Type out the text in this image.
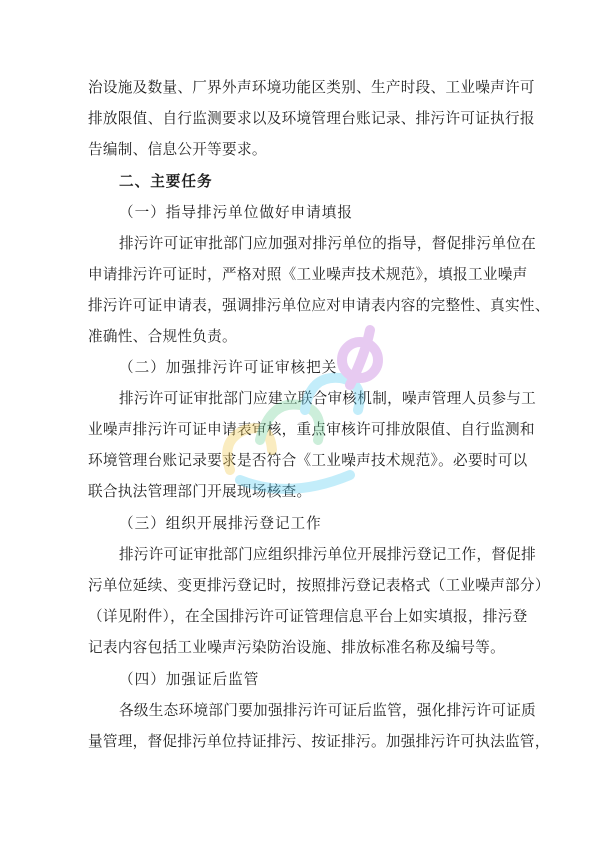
治设施及数量、厂界外声环境功能区类别、生产时段、工业噪声许可
排放限值、自行监测要求以及环境管理台账记录、排污许可证执行报
告编制、信息公开等要求。
二、主要任务
（一）指导排污单位做好申请填报
排污许可证审批部门应加强对排污单位的指导，督促排污单位在
申请排污许可证时，严格对照《工业噪声技术规范》，填报工业噪声
排污许可证申请表，强调排污单位应对申请表内容的完整性、真实性、
准确性、合规性负责。
（二）加强排污许可证审核把关
排污许可证审批部门应建立联合审核机制，噪声管理人员参与工
业噪声排污许可证申请表审核，重点审核许可排放限值、自行监测和
环境管理台账记录要求是否符合《工业噪声技术规范》。必要时可以
联合执法管理部门开展现场核查。
（三）组织开展排污登记工作
排污许可证审批部门应组织排污单位开展排污登记工作，督促排
污单位延续、变更排污登记时，按照排污登记表格式（工业噪声部分）
（详见附件），在全国排污许可证管理信息平台上如实填报，排污登
记表内容包括工业噪声污染防治设施、排放标准名称及编号等。
（四）加强证后监管
各级生态环境部门要加强排污许可证后监管，强化排污许可证质
量管理，督促排污单位持证排污、按证排污。加强排污许可执法监管，
